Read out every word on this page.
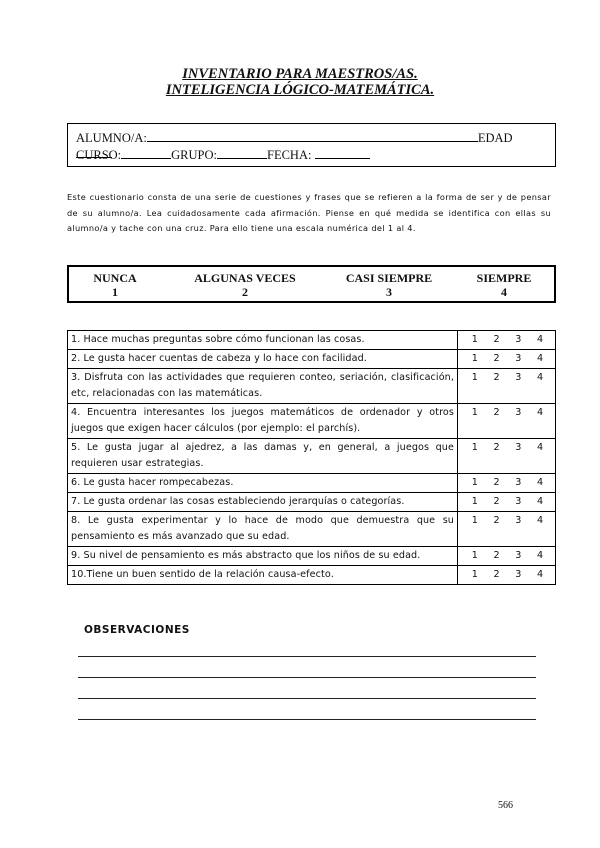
INVENTARIO PARA MAESTROS/AS.
INTELIGENCIA LÓGICO-MATEMÁTICA.
ALUMNO/A:	EDAD
CURSO:	GRUPO:	FECHA:
Este cuestionario consta de una serie de cuestiones y frases que se refieren a la forma de ser y de pensar de su alumno/a. Lea cuidadosamente cada afirmación. Piense en qué medida se identifica con ellas su alumno/a y tache con una cruz. Para ello tiene una escala numérica del 1 al 4.
NUNCA
1
ALGUNAS VECES
2
CASI SIEMPRE
3
SIEMPRE
4
1. Hace muchas preguntas sobre cómo funcionan las cosas.	1 2 3 4

2. Le gusta hacer cuentas de cabeza y lo hace con facilidad.	1 2 3 4

3. Disfruta con las actividades que requieren conteo, seriación, clasificación, etc, relacionadas con las matemáticas.	1 2 3 4

4. Encuentra interesantes los juegos matemáticos de ordenador y otros juegos que exigen hacer cálculos (por ejemplo: el parchís).	1 2 3 4

5. Le gusta jugar al ajedrez, a las damas y, en general, a juegos que requieren usar estrategias.	1 2 3 4

6. Le gusta hacer rompecabezas.	1 2 3 4

7. Le gusta ordenar las cosas estableciendo jerarquías o categorías.	1 2 3 4

8. Le gusta experimentar y lo hace de modo que demuestra que su pensamiento es más avanzado que su edad.	1 2 3 4

9. Su nivel de pensamiento es más abstracto que los niños de su edad.	1 2 3 4

10.Tiene un buen sentido de la relación causa-efecto.	1 2 3 4
OBSERVACIONES
566
